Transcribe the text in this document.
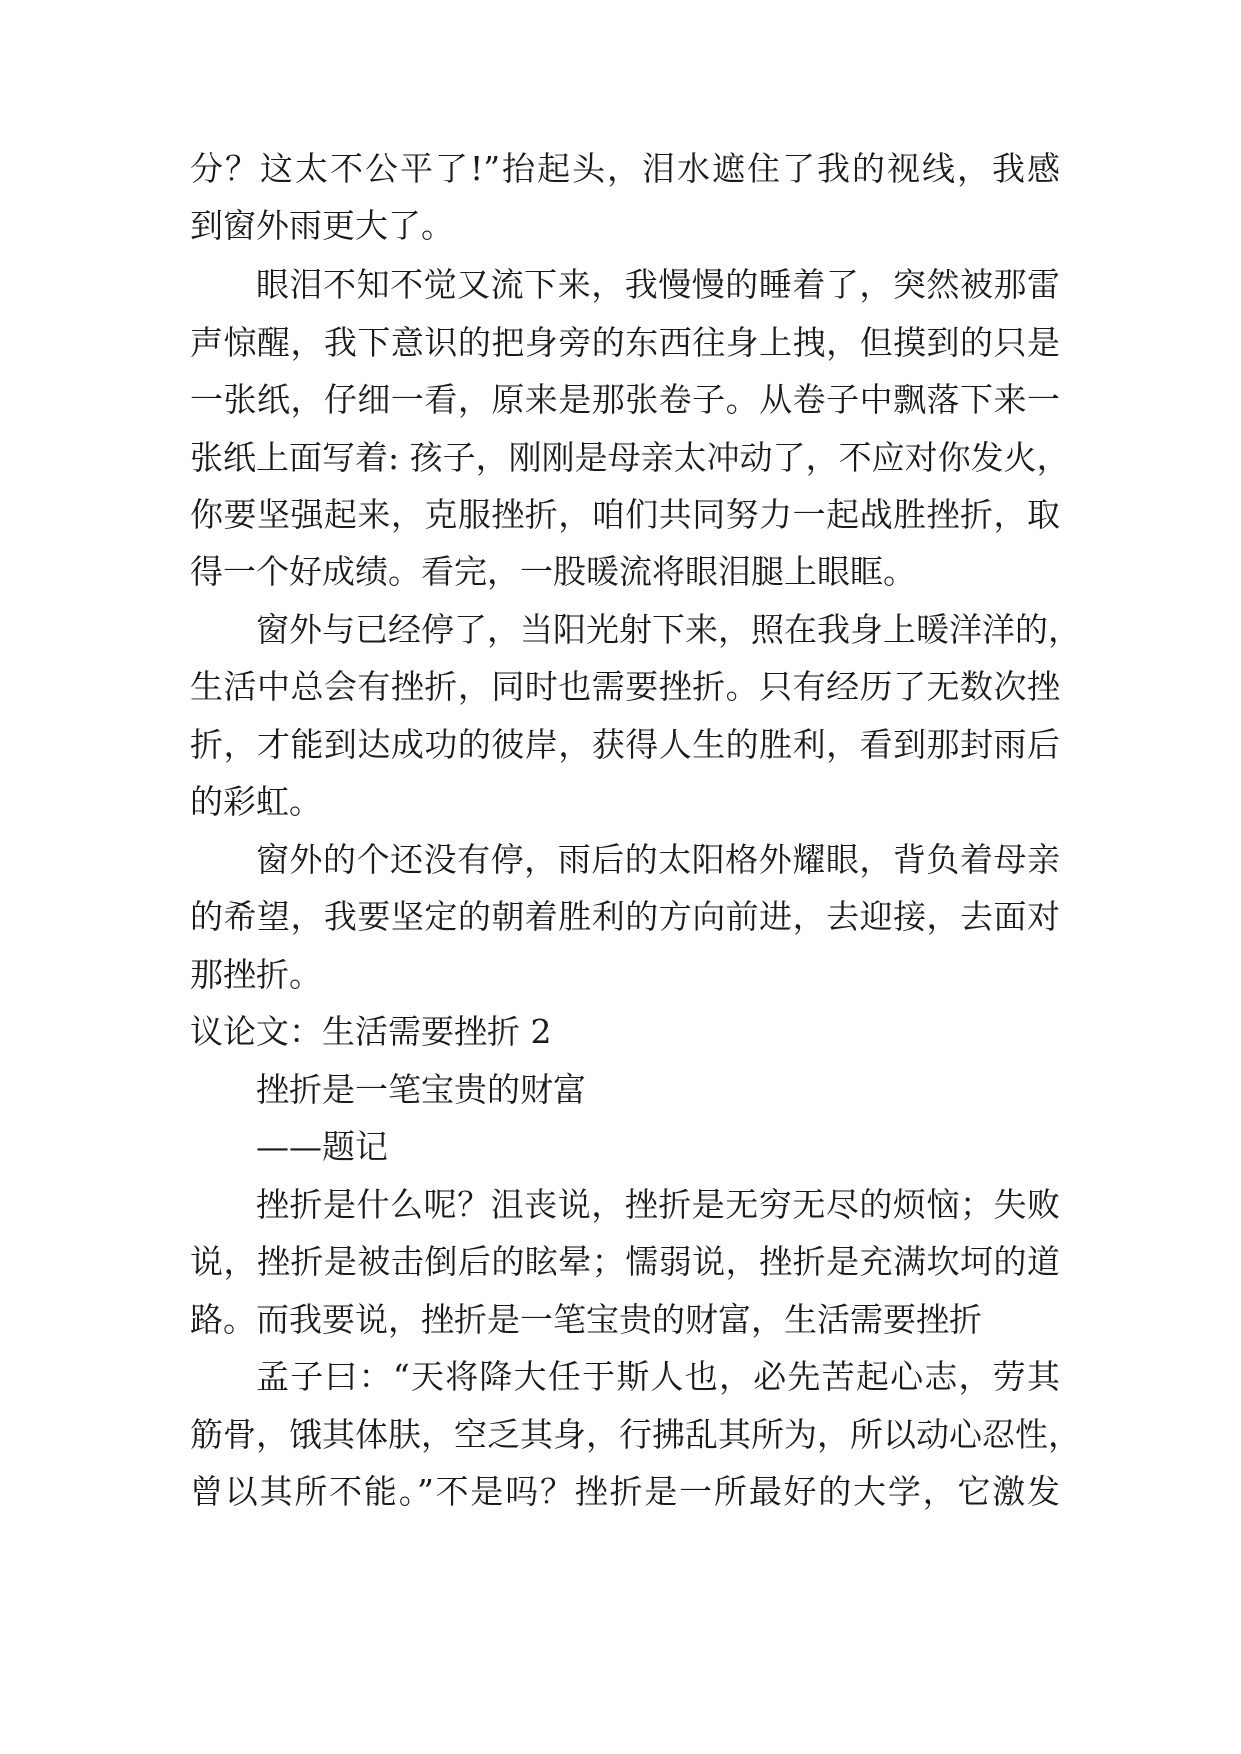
分？这太不公平了!”抬起头，泪水遮住了我的视线，我感
到窗外雨更大了。
眼泪不知不觉又流下来，我慢慢的睡着了，突然被那雷
声惊醒，我下意识的把身旁的东西往身上拽，但摸到的只是
一张纸，仔细一看，原来是那张卷子。从卷子中飘落下来一
张纸上面写着: 孩子，刚刚是母亲太冲动了，不应对你发火，
你要坚强起来，克服挫折，咱们共同努力一起战胜挫折，取
得一个好成绩。看完，一股暖流将眼泪腿上眼眶。
窗外与已经停了，当阳光射下来，照在我身上暖洋洋的，
生活中总会有挫折，同时也需要挫折。只有经历了无数次挫
折，才能到达成功的彼岸，获得人生的胜利，看到那封雨后
的彩虹。
窗外的个还没有停，雨后的太阳格外耀眼，背负着母亲
的希望，我要坚定的朝着胜利的方向前进，去迎接，去面对
那挫折。
议论文：生活需要挫折 2
挫折是一笔宝贵的财富
——题记
挫折是什么呢？沮丧说，挫折是无穷无尽的烦恼；失败
说，挫折是被击倒后的眩晕；懦弱说，挫折是充满坎坷的道
路。而我要说，挫折是一笔宝贵的财富，生活需要挫折
孟子曰：“天将降大任于斯人也，必先苦起心志，劳其
筋骨，饿其体肤，空乏其身，行拂乱其所为，所以动心忍性，
曾以其所不能。”不是吗？挫折是一所最好的大学，它激发
